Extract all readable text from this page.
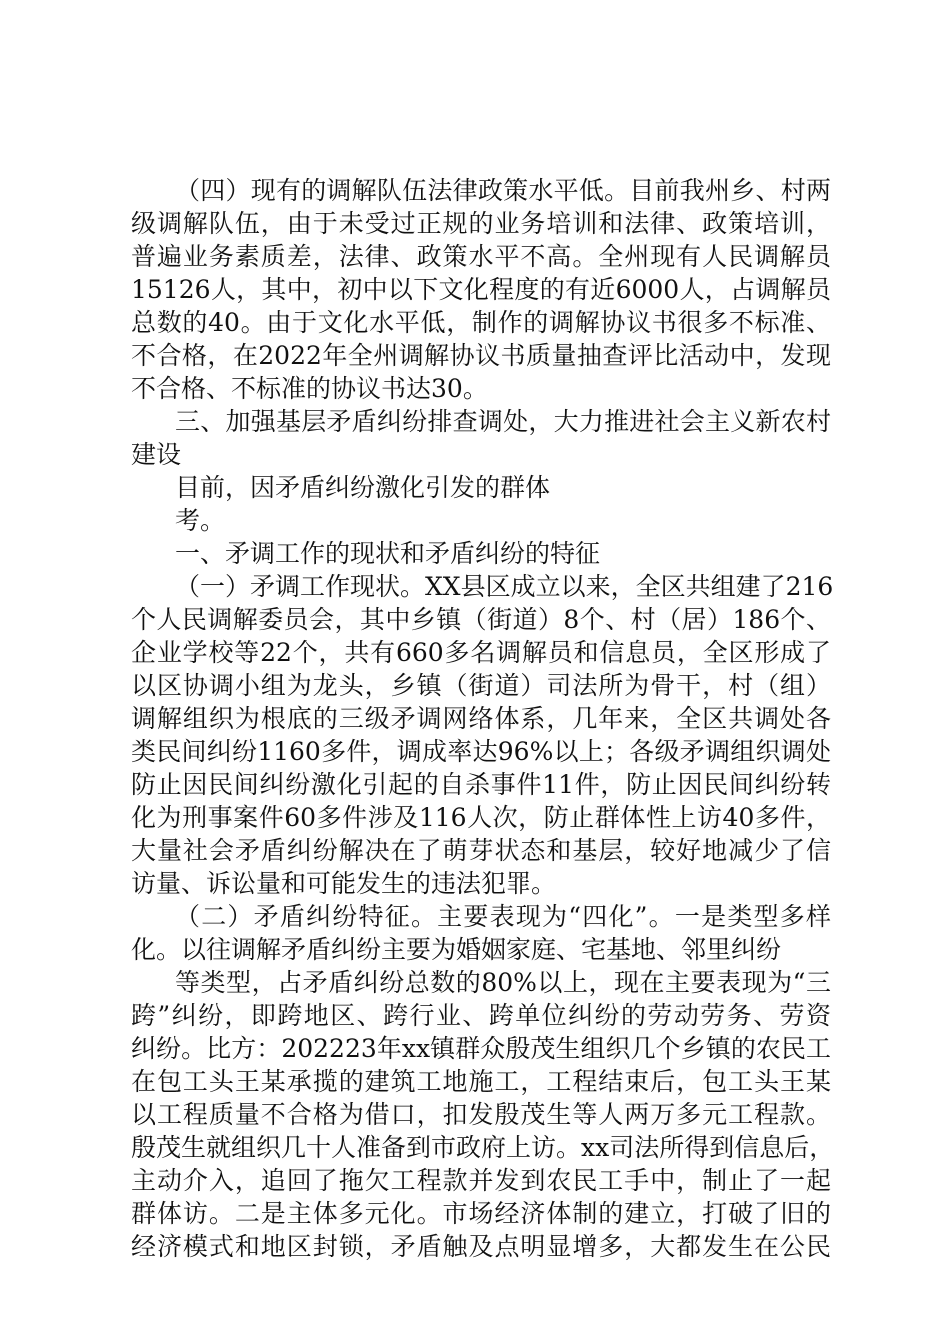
（四）现有的调解队伍法律政策水平低。目前我州乡、村两
级调解队伍，由于未受过正规的业务培训和法律、政策培训，
普遍业务素质差，法律、政策水平不高。全州现有人民调解员
15126人，其中，初中以下文化程度的有近6000人，占调解员
总数的40。由于文化水平低，制作的调解协议书很多不标准、
不合格，在2022年全州调解协议书质量抽查评比活动中，发现
不合格、不标准的协议书达30。
三、加强基层矛盾纠纷排查调处，大力推进社会主义新农村
建设
目前，因矛盾纠纷激化引发的群体
考。
一、矛调工作的现状和矛盾纠纷的特征
（一）矛调工作现状。XX县区成立以来，全区共组建了216
个人民调解委员会，其中乡镇（街道）8个、村（居）186个、
企业学校等22个，共有660多名调解员和信息员，全区形成了
以区协调小组为龙头，乡镇（街道）司法所为骨干，村（组）
调解组织为根底的三级矛调网络体系，几年来，全区共调处各
类民间纠纷1160多件，调成率达96%以上；各级矛调组织调处
防止因民间纠纷激化引起的自杀事件11件，防止因民间纠纷转
化为刑事案件60多件涉及116人次，防止群体性上访40多件，
大量社会矛盾纠纷解决在了萌芽状态和基层，较好地减少了信
访量、诉讼量和可能发生的违法犯罪。
（二）矛盾纠纷特征。主要表现为“四化”。一是类型多样
化。以往调解矛盾纠纷主要为婚姻家庭、宅基地、邻里纠纷
等类型，占矛盾纠纷总数的80%以上，现在主要表现为“三
跨”纠纷，即跨地区、跨行业、跨单位纠纷的劳动劳务、劳资
纠纷。比方：202223年xx镇群众殷茂生组织几个乡镇的农民工
在包工头王某承揽的建筑工地施工，工程结束后，包工头王某
以工程质量不合格为借口，扣发殷茂生等人两万多元工程款。
殷茂生就组织几十人准备到市政府上访。xx司法所得到信息后，
主动介入，追回了拖欠工程款并发到农民工手中，制止了一起
群体访。二是主体多元化。市场经济体制的建立，打破了旧的
经济模式和地区封锁，矛盾触及点明显增多，大都发生在公民
